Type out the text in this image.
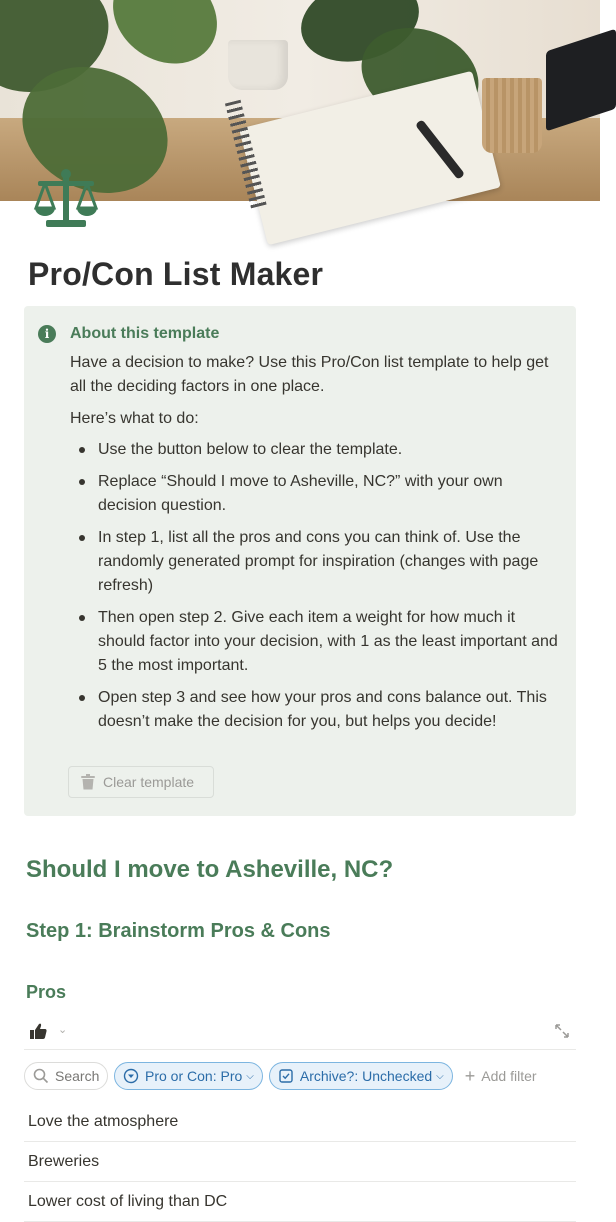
Pro/Con List Maker
i	About this template

Have a decision to make? Use this Pro/Con list template to help get all the deciding factors in one place.

Here’s what to do:

Use the button below to clear the template.
Replace “Should I move to Asheville, NC?” with your own decision question.
In step 1, list all the pros and cons you can think of. Use the randomly generated prompt for inspiration (changes with page refresh)
Then open step 2. Give each item a weight for how much it should factor into your decision, with 1 as the least important and 5 the most important.
Open step 3 and see how your pros and cons balance out. This doesn’t make the decision for you, but helps you decide!
Clear template
Should I move to Asheville, NC?
Step 1: Brainstorm Pros & Cons
Pros
⌄
Search	Pro or Con:
Pro ⌵	Archive?:
Unchecked ⌵ + Add filter
Love the atmosphere
Breweries
Lower cost of living than DC
